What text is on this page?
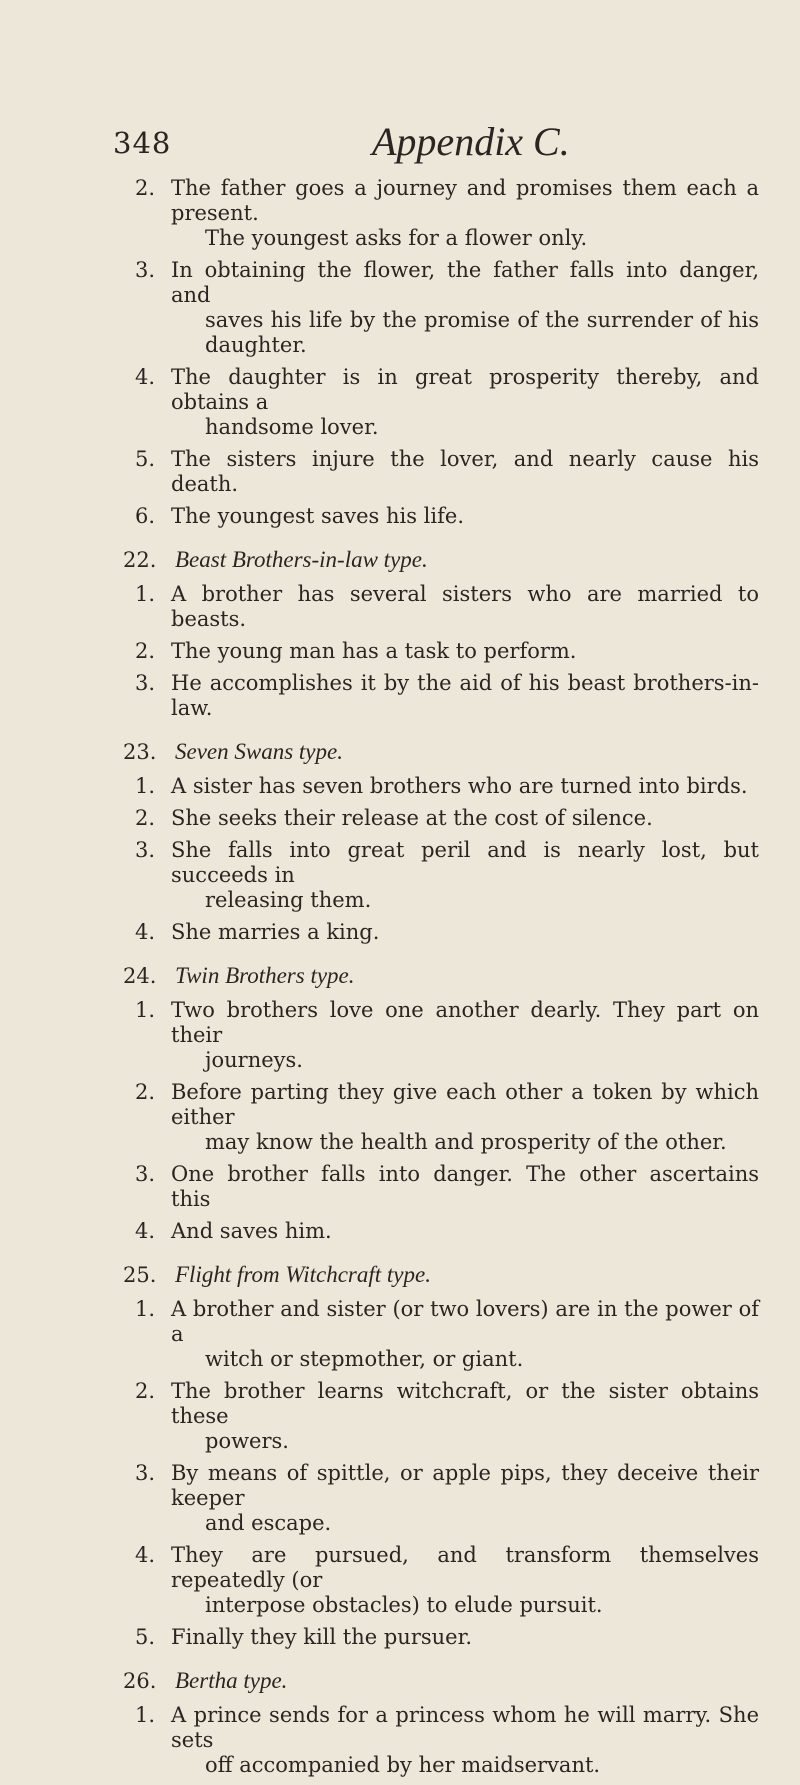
348	Appendix C.
2. The father goes a journey and promises them each a present.
The youngest asks for a flower only.
3. In obtaining the flower, the father falls into danger, and
saves his life by the promise of the surrender of his daughter.
4. The daughter is in great prosperity thereby, and obtains a
handsome lover.
5. The sisters injure the lover, and nearly cause his death.
6. The youngest saves his life.
22. Beast Brothers-in-law type.
1. A brother has several sisters who are married to beasts.
2. The young man has a task to perform.
3. He accomplishes it by the aid of his beast brothers-in-law.
23. Seven Swans type.
1. A sister has seven brothers who are turned into birds.
2. She seeks their release at the cost of silence.
3. She falls into great peril and is nearly lost, but succeeds in
releasing them.
4. She marries a king.
24. Twin Brothers type.
1. Two brothers love one another dearly. They part on their
journeys.
2. Before parting they give each other a token by which either
may know the health and prosperity of the other.
3. One brother falls into danger. The other ascertains this
4. And saves him.
25. Flight from Witchcraft type.
1. A brother and sister (or two lovers) are in the power of a
witch or stepmother, or giant.
2. The brother learns witchcraft, or the sister obtains these
powers.
3. By means of spittle, or apple pips, they deceive their keeper
and escape.
4. They are pursued, and transform themselves repeatedly (or
interpose obstacles) to elude pursuit.
5. Finally they kill the pursuer.
26. Bertha type.
1. A prince sends for a princess whom he will marry. She sets
off accompanied by her maidservant.
